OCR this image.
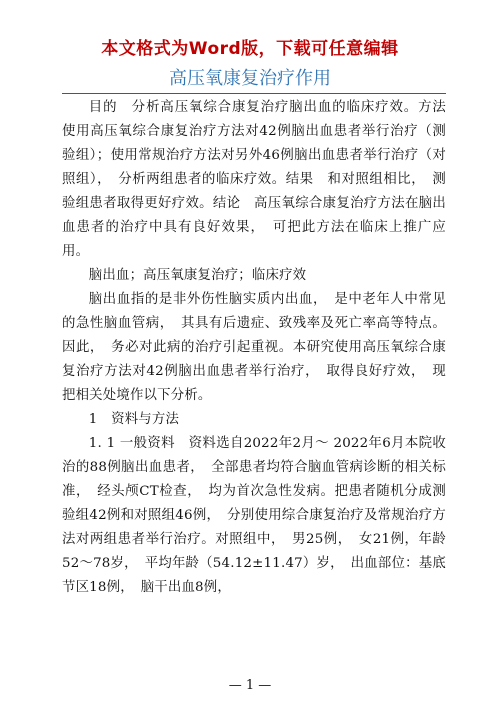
本文格式为Word版，下载可任意编辑
高压氧康复治疗作用

目的　分析高压氧综合康复治疗脑出血的临床疗效。方法　使用高压氧综合康复治疗方法对42例脑出血患者举行治疗（测验组）；使用常规治疗方法对另外46例脑出血患者举行治疗（对照组），　分析两组患者的临床疗效。结果　和对照组相比，　测验组患者取得更好疗效。结论　高压氧综合康复治疗方法在脑出血患者的治疗中具有良好效果，　可把此方法在临床上推广应用。

脑出血；高压氧康复治疗；临床疗效

脑出血指的是非外伤性脑实质内出血，　是中老年人中常见的急性脑血管病，　其具有后遗症、致残率及死亡率高等特点。因此，　务必对此病的治疗引起重视。本研究使用高压氧综合康复治疗方法对42例脑出血患者举行治疗，　取得良好疗效，　现把相关处境作以下分析。

1　资料与方法

1. 1 一般资料　资料选自2022年2月～ 2022年6月本院收治的88例脑出血患者，　全部患者均符合脑血管病诊断的相关标准，　经头颅CT检查，　均为首次急性发病。把患者随机分成测验组42例和对照组46例，　分别使用综合康复治疗及常规治疗方法对两组患者举行治疗。对照组中，　男25例，　女21例，年龄52～78岁，　平均年龄（54.12±11.47）岁，　出血部位：基底节区18例，　脑干出血8例，

— 1 —
